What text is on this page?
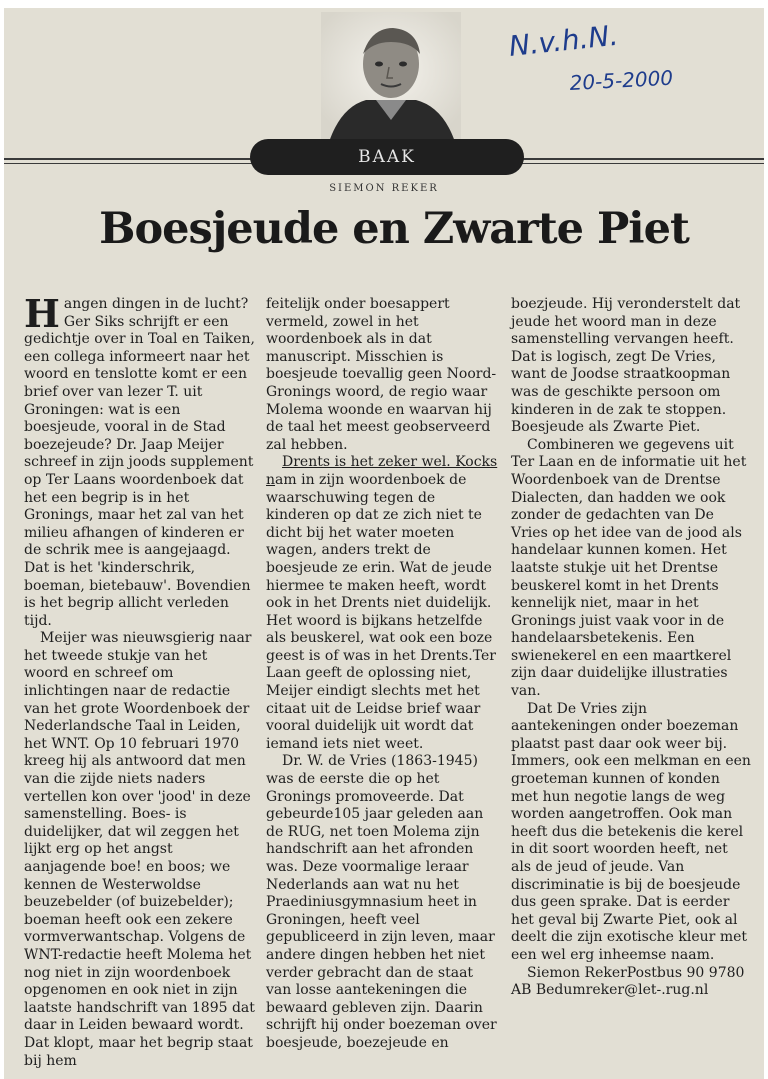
N.v.h.N.
20-5-2000
BAAK
SIEMON REKER
Boesjeude en Zwarte Piet

Hangen dingen in de lucht? Ger Siks schrijft er een gedichtje over in Toal en Taiken, een collega informeert naar het woord en tenslotte komt er een brief over van lezer T. uit Groningen: wat is een boesjeude, vooral in de Stad boezejeude? Dr. Jaap Meijer schreef in zijn joods supplement op Ter Laans woordenboek dat het een begrip is in het Gronings, maar het zal van het milieu afhangen of kinderen er de schrik mee is aangejaagd. Dat is het 'kinderschrik, boeman, bietebauw'. Bovendien is het begrip allicht verleden tijd.

Meijer was nieuwsgierig naar het tweede stukje van het woord en schreef om inlichtingen naar de redactie van het grote Woordenboek der Nederlandsche Taal in Leiden, het WNT. Op 10 februari 1970 kreeg hij als antwoord dat men van die zijde niets naders vertellen kon over 'jood' in deze samenstelling. Boes- is duidelijker, dat wil zeggen het lijkt erg op het angst aanjagende boe! en boos; we kennen de Westerwoldse beuzebelder (of buizebelder); boeman heeft ook een zekere vormverwantschap. Volgens de WNT-redactie heeft Molema het nog niet in zijn woordenboek opgenomen en ook niet in zijn laatste handschrift van 1895 dat daar in Leiden bewaard wordt. Dat klopt, maar het begrip staat bij hem

feitelijk onder boesappert vermeld, zowel in het woordenboek als in dat manuscript. Misschien is boesjeude toevallig geen Noord-Gronings woord, de regio waar Molema woonde en waarvan hij de taal het meest geobserveerd zal hebben.

Drents is het zeker wel. Kocks nam in zijn woordenboek de waarschuwing tegen de kinderen op dat ze zich niet te dicht bij het water moeten wagen, anders trekt de boesjeude ze erin. Wat de jeude hiermee te maken heeft, wordt ook in het Drents niet duidelijk. Het woord is bijkans hetzelfde als beuskerel, wat ook een boze geest is of was in het Drents.Ter Laan geeft de oplossing niet, Meijer eindigt slechts met het citaat uit de Leidse brief waar vooral duidelijk uit wordt dat iemand iets niet weet.

Dr. W. de Vries (1863-1945) was de eerste die op het Gronings promoveerde. Dat gebeurde105 jaar geleden aan de RUG, net toen Molema zijn handschrift aan het afronden was. Deze voormalige leraar Nederlands aan wat nu het Praediniusgymnasium heet in Groningen, heeft veel gepubliceerd in zijn leven, maar andere dingen hebben het niet verder gebracht dan de staat van losse aantekeningen die bewaard gebleven zijn. Daarin schrijft hij onder boezeman over boesjeude, boezejeude en

boezjeude. Hij veronderstelt dat jeude het woord man in deze samenstelling vervangen heeft. Dat is logisch, zegt De Vries, want de Joodse straatkoopman was de geschikte persoon om kinderen in de zak te stoppen. Boesjeude als Zwarte Piet.

Combineren we gegevens uit Ter Laan en de informatie uit het Woordenboek van de Drentse Dialecten, dan hadden we ook zonder de gedachten van De Vries op het idee van de jood als handelaar kunnen komen. Het laatste stukje uit het Drentse beuskerel komt in het Drents kennelijk niet, maar in het Gronings juist vaak voor in de handelaarsbetekenis. Een swienekerel en een maartkerel zijn daar duidelijke illustraties van.

Dat De Vries zijn aantekeningen onder boezeman plaatst past daar ook weer bij. Immers, ook een melkman en een groeteman kunnen of konden met hun negotie langs de weg worden aangetroffen. Ook man heeft dus die betekenis die kerel in dit soort woorden heeft, net als de jeud of jeude. Van discriminatie is bij de boesjeude dus geen sprake. Dat is eerder het geval bij Zwarte Piet, ook al deelt die zijn exotische kleur met een wel erg inheemse naam.

Siemon RekerPostbus 90 9780 AB Bedumreker@let-.rug.nl
